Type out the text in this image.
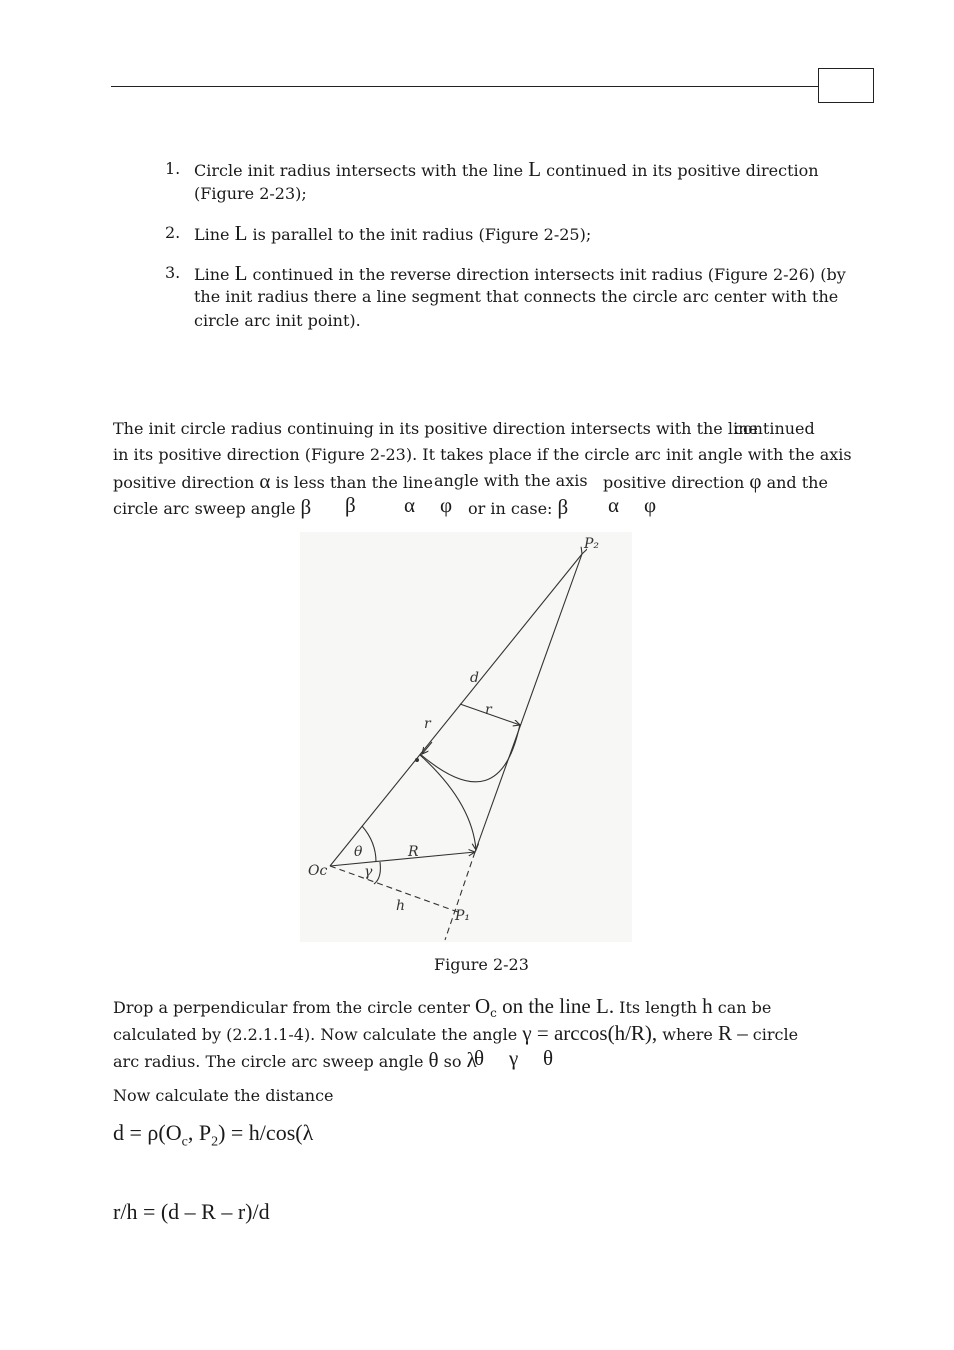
1. Circle init radius intersects with the line L continued in its positive direction
(Figure 2-23);
2. Line L is parallel to the init radius (Figure 2-25);
3. Line L continued in the reverse direction intersects init radius (Figure 2-26) (by
the init radius there a line segment that connects the circle arc center with the
circle arc init point).
The init circle radius continuing in its positive direction intersects with the line
continued
in its positive direction (Figure 2-23). It takes place if the circle arc init angle with the axis
positive direction α is less than the line angle with the axis positive direction φ and the
circle arc sweep angle β β α φ or in case: β α φ
P₂
P₁
Oc
R
r
r
d
h
θ
γ
Figure 2-23
Drop a perpendicular from the circle center $O_c$ on the line L. Its length h can be
calculated by (2.2.1.1-4). Now calculate the angle γ = arccos(h/R), where R – circle
arc radius. The circle arc sweep angle θ so λ
θ γ θ
Now calculate the distance
$d = \rho(O_c$, $P_2) = h/\cos(\lambda$
r/h = (d – R – r)/d
